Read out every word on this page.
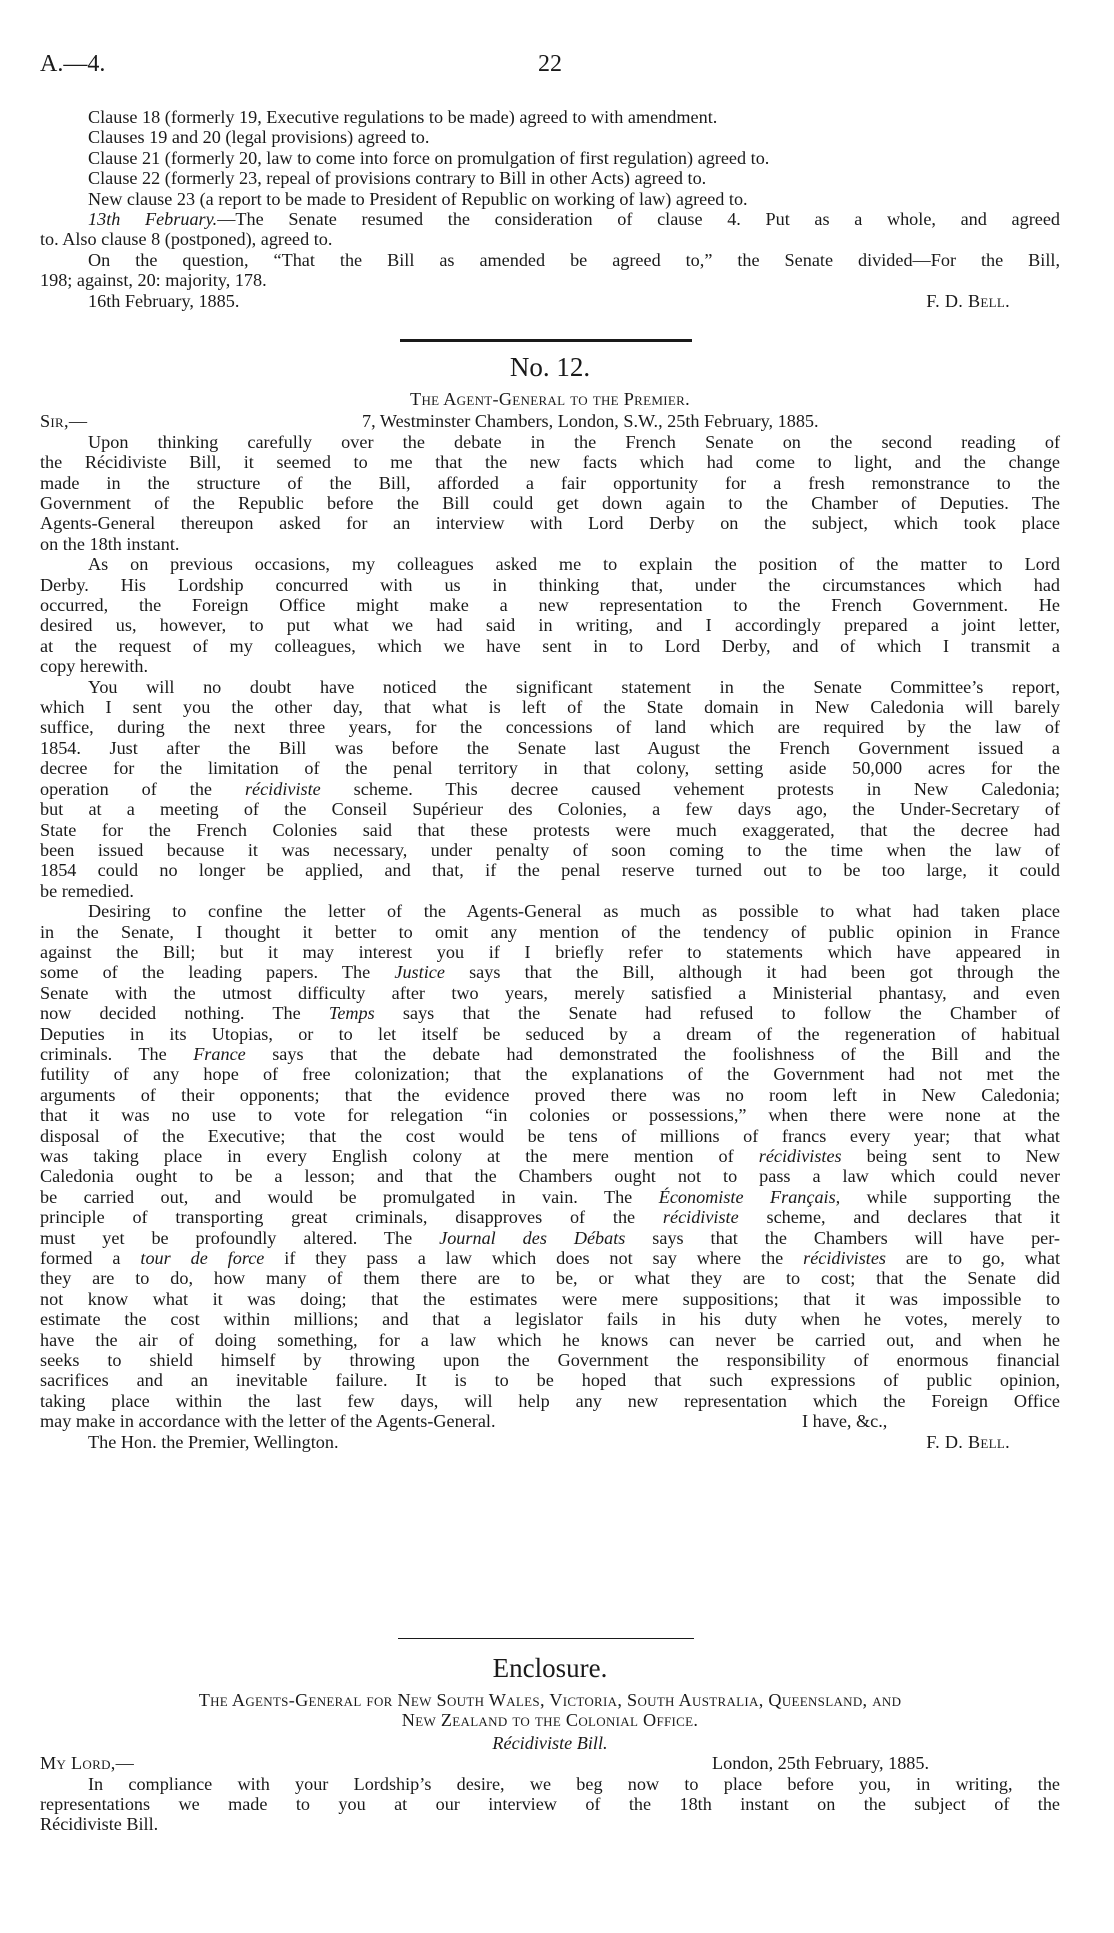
A.—4.	22
Clause 18 (formerly 19, Executive regulations to be made) agreed to with amendment.
Clauses 19 and 20 (legal provisions) agreed to.
Clause 21 (formerly 20, law to come into force on promulgation of first regulation) agreed to.
Clause 22 (formerly 23, repeal of provisions contrary to Bill in other Acts) agreed to.
New clause 23 (a report to be made to President of Republic on working of law) agreed to.
13th February.—The Senate resumed the consideration of clause 4. Put as a whole, and agreed
to. Also clause 8 (postponed), agreed to.
On the question, “That the Bill as amended be agreed to,” the Senate divided—For the Bill,
198; against, 20: majority, 178.
16th February, 1885.	F. D. Bell.
No. 12.
The Agent-General to the Premier.
Sir,—	7, Westminster Chambers, London, S.W., 25th February, 1885.
Upon thinking carefully over the debate in the French Senate on the second reading of
the Récidiviste Bill, it seemed to me that the new facts which had come to light, and the change
made in the structure of the Bill, afforded a fair opportunity for a fresh remonstrance to the
Government of the Republic before the Bill could get down again to the Chamber of Deputies. The
Agents-General thereupon asked for an interview with Lord Derby on the subject, which took place
on the 18th instant.
As on previous occasions, my colleagues asked me to explain the position of the matter to Lord
Derby. His Lordship concurred with us in thinking that, under the circumstances which had
occurred, the Foreign Office might make a new representation to the French Government. He
desired us, however, to put what we had said in writing, and I accordingly prepared a joint letter,
at the request of my colleagues, which we have sent in to Lord Derby, and of which I transmit a
copy herewith.
You will no doubt have noticed the significant statement in the Senate Committee’s report,
which I sent you the other day, that what is left of the State domain in New Caledonia will barely
suffice, during the next three years, for the concessions of land which are required by the law of
1854. Just after the Bill was before the Senate last August the French Government issued a
decree for the limitation of the penal territory in that colony, setting aside 50,000 acres for the
operation of the récidiviste scheme. This decree caused vehement protests in New Caledonia;
but at a meeting of the Conseil Supérieur des Colonies, a few days ago, the Under-Secretary of
State for the French Colonies said that these protests were much exaggerated, that the decree had
been issued because it was necessary, under penalty of soon coming to the time when the law of
1854 could no longer be applied, and that, if the penal reserve turned out to be too large, it could
be remedied.
Desiring to confine the letter of the Agents-General as much as possible to what had taken place
in the Senate, I thought it better to omit any mention of the tendency of public opinion in France
against the Bill; but it may interest you if I briefly refer to statements which have appeared in
some of the leading papers. The Justice says that the Bill, although it had been got through the
Senate with the utmost difficulty after two years, merely satisfied a Ministerial phantasy, and even
now decided nothing. The Temps says that the Senate had refused to follow the Chamber of
Deputies in its Utopias, or to let itself be seduced by a dream of the regeneration of habitual
criminals. The France says that the debate had demonstrated the foolishness of the Bill and the
futility of any hope of free colonization; that the explanations of the Government had not met the
arguments of their opponents; that the evidence proved there was no room left in New Caledonia;
that it was no use to vote for relegation “in colonies or possessions,” when there were none at the
disposal of the Executive; that the cost would be tens of millions of francs every year; that what
was taking place in every English colony at the mere mention of récidivistes being sent to New
Caledonia ought to be a lesson; and that the Chambers ought not to pass a law which could never
be carried out, and would be promulgated in vain. The Économiste Français, while supporting the
principle of transporting great criminals, disapproves of the récidiviste scheme, and declares that it
must yet be profoundly altered. The Journal des Débats says that the Chambers will have per-
formed a tour de force if they pass a law which does not say where the récidivistes are to go, what
they are to do, how many of them there are to be, or what they are to cost; that the Senate did
not know what it was doing; that the estimates were mere suppositions; that it was impossible to
estimate the cost within millions; and that a legislator fails in his duty when he votes, merely to
have the air of doing something, for a law which he knows can never be carried out, and when he
seeks to shield himself by throwing upon the Government the responsibility of enormous financial
sacrifices and an inevitable failure. It is to be hoped that such expressions of public opinion,
taking place within the last few days, will help any new representation which the Foreign Office
may make in accordance with the letter of the Agents-General.	I have, &c.,
The Hon. the Premier, Wellington.	F. D. Bell.
Enclosure.
The Agents-General for New South Wales, Victoria, South Australia, Queensland, and
New Zealand to the Colonial Office.
Récidiviste Bill.
My Lord,—	London, 25th February, 1885.
In compliance with your Lordship’s desire, we beg now to place before you, in writing, the
representations we made to you at our interview of the 18th instant on the subject of the
Récidiviste Bill.
